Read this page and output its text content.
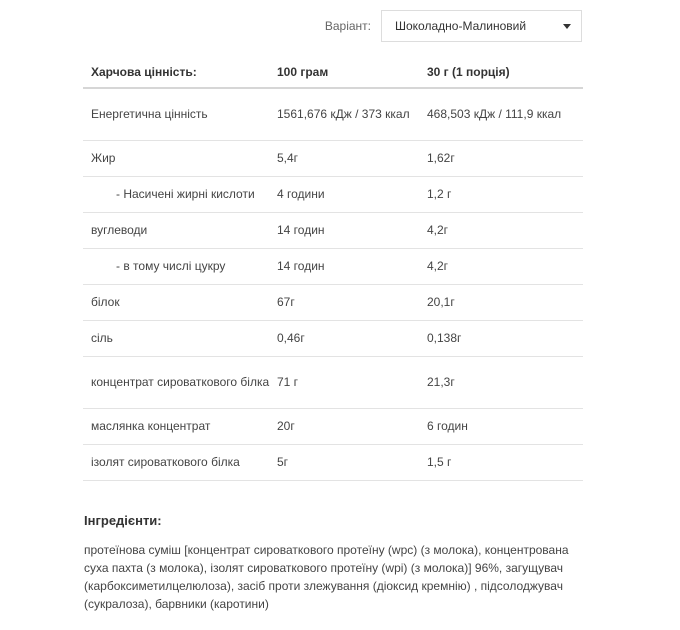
Варіант: Шоколадно-Малиновий
Харчова цінність:	100 грам	30 г (1 порція)
Енергетична цінність	1561,676 кДж / 373 ккал	468,503 кДж / 111,9 ккал
Жир	5,4г	1,62г
- Насичені жирні кислоти	4 години	1,2 г
вуглеводи	14 годин	4,2г
- в тому числі цукру	14 годин	4,2г
білок	67г	20,1г
сіль	0,46г	0,138г
концентрат сироваткового білка	71 г	21,3г
маслянка концентрат	20г	6 годин
ізолят сироваткового білка	5г	1,5 г
Інгредієнти:
протеїнова суміш [концентрат сироваткового протеїну (wpc) (з молока), концентрована суха пахта (з молока), ізолят сироваткового протеїну (wpi) (з молока)] 96%, загущувач (карбоксиметилцелюлоза), засіб проти злежування (діоксид кремнію) , підсолоджувач (сукралоза), барвники (каротини)
